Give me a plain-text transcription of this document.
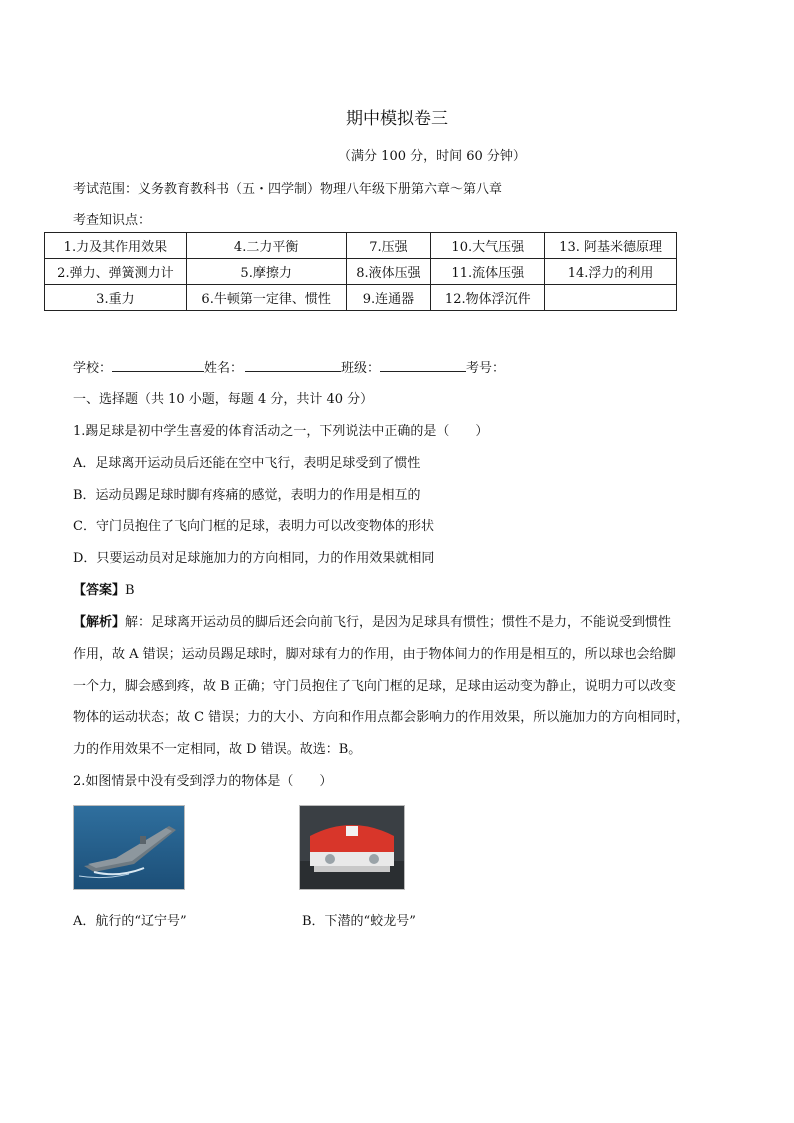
期中模拟卷三
（满分 100 分，时间 60 分钟）
考试范围：义务教育教科书（五・四学制）物理八年级下册第六章～第八章
考查知识点：
1.力及其作用效果	4.二力平衡	7.压强	10.大气压强	13. 阿基米德原理
2.弹力、弹簧测力计	5.摩擦力	8.液体压强	11.流体压强	14.浮力的利用
3.重力	6.牛顿第一定律、惯性	9.连通器	12.物体浮沉件	
学校：	姓名：	班级：	考号：
一、选择题（共 10 小题，每题 4 分，共计 40 分）
1.踢足球是初中学生喜爱的体育活动之一，下列说法中正确的是（　　）
A．足球离开运动员后还能在空中飞行，表明足球受到了惯性
B．运动员踢足球时脚有疼痛的感觉，表明力的作用是相互的
C．守门员抱住了飞向门框的足球，表明力可以改变物体的形状
D．只要运动员对足球施加力的方向相同，力的作用效果就相同
【答案】B
【解析】解：足球离开运动员的脚后还会向前飞行，是因为足球具有惯性；惯性不是力，不能说受到惯性
作用，故 A 错误；运动员踢足球时，脚对球有力的作用，由于物体间力的作用是相互的，所以球也会给脚
一个力，脚会感到疼，故 B 正确；守门员抱住了飞向门框的足球，足球由运动变为静止，说明力可以改变
物体的运动状态；故 C 错误；力的大小、方向和作用点都会影响力的作用效果，所以施加力的方向相同时，
力的作用效果不一定相同，故 D 错误。故选：B。
2.如图情景中没有受到浮力的物体是（　　）
A．航行的“辽宁号”	B．下潜的“蛟龙号”
